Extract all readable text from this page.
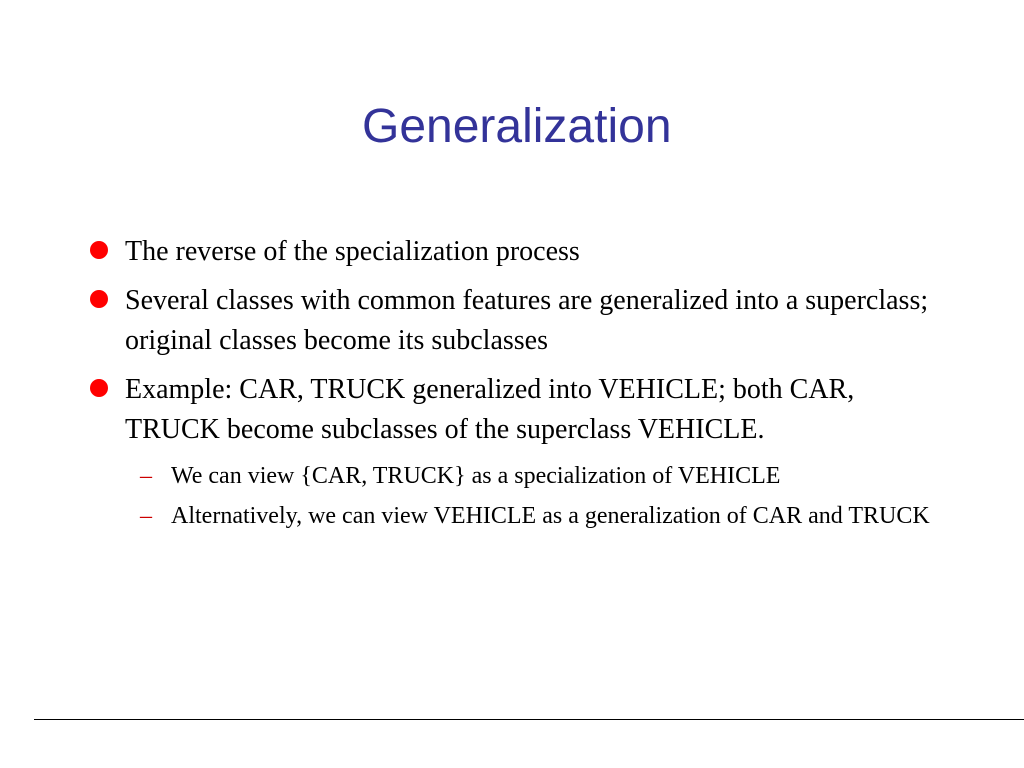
Generalization
The reverse of the specialization process
Several classes with common features are generalized into a superclass; original classes become its subclasses
Example: CAR, TRUCK generalized into VEHICLE; both CAR, TRUCK become subclasses of the superclass VEHICLE.
– We can view {CAR, TRUCK} as a specialization of VEHICLE
– Alternatively, we can view VEHICLE as a generalization of CAR and TRUCK
